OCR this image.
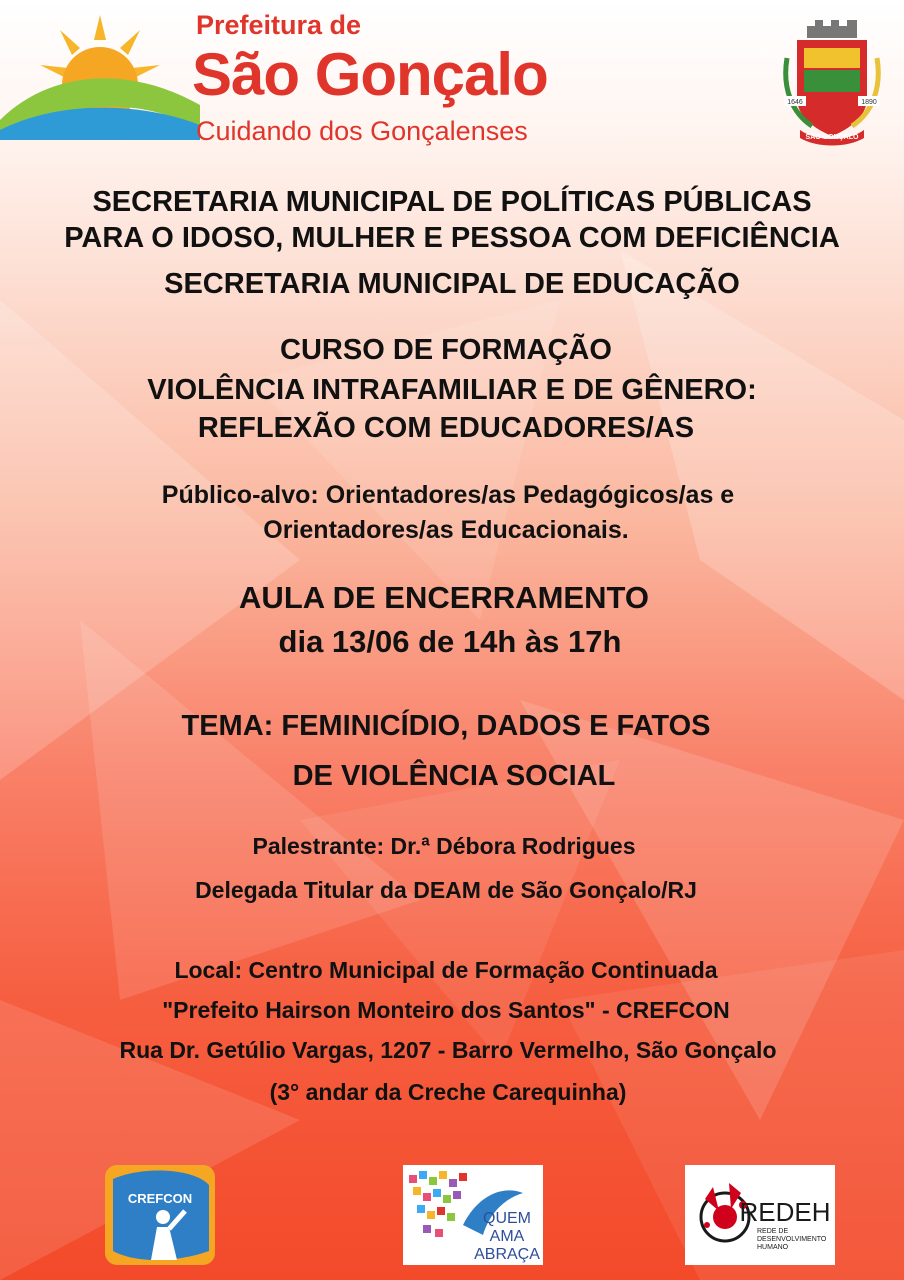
Prefeitura de
São Gonçalo
Cuidando dos Gonçalenses
1646	1890
SÃO GONÇALO
SECRETARIA MUNICIPAL DE POLÍTICAS PÚBLICAS
PARA O IDOSO, MULHER E PESSOA COM DEFICIÊNCIA
SECRETARIA MUNICIPAL DE EDUCAÇÃO
CURSO DE FORMAÇÃO
VIOLÊNCIA INTRAFAMILIAR E DE GÊNERO:
REFLEXÃO COM EDUCADORES/AS
Público-alvo: Orientadores/as Pedagógicos/as e
Orientadores/as Educacionais.
AULA DE ENCERRAMENTO
dia 13/06 de 14h às 17h
TEMA: FEMINICÍDIO, DADOS E FATOS
DE VIOLÊNCIA SOCIAL
Palestrante: Dr.ª Débora Rodrigues
Delegada Titular da DEAM de São Gonçalo/RJ
Local: Centro Municipal de Formação Continuada
"Prefeito Hairson Monteiro dos Santos" - CREFCON
Rua Dr. Getúlio Vargas, 1207 - Barro Vermelho, São Gonçalo
(3° andar da Creche Carequinha)
CREFCON
QUEM
AMA
ABRAÇA
REDEH
REDE DE
DESENVOLVIMENTO
HUMANO
